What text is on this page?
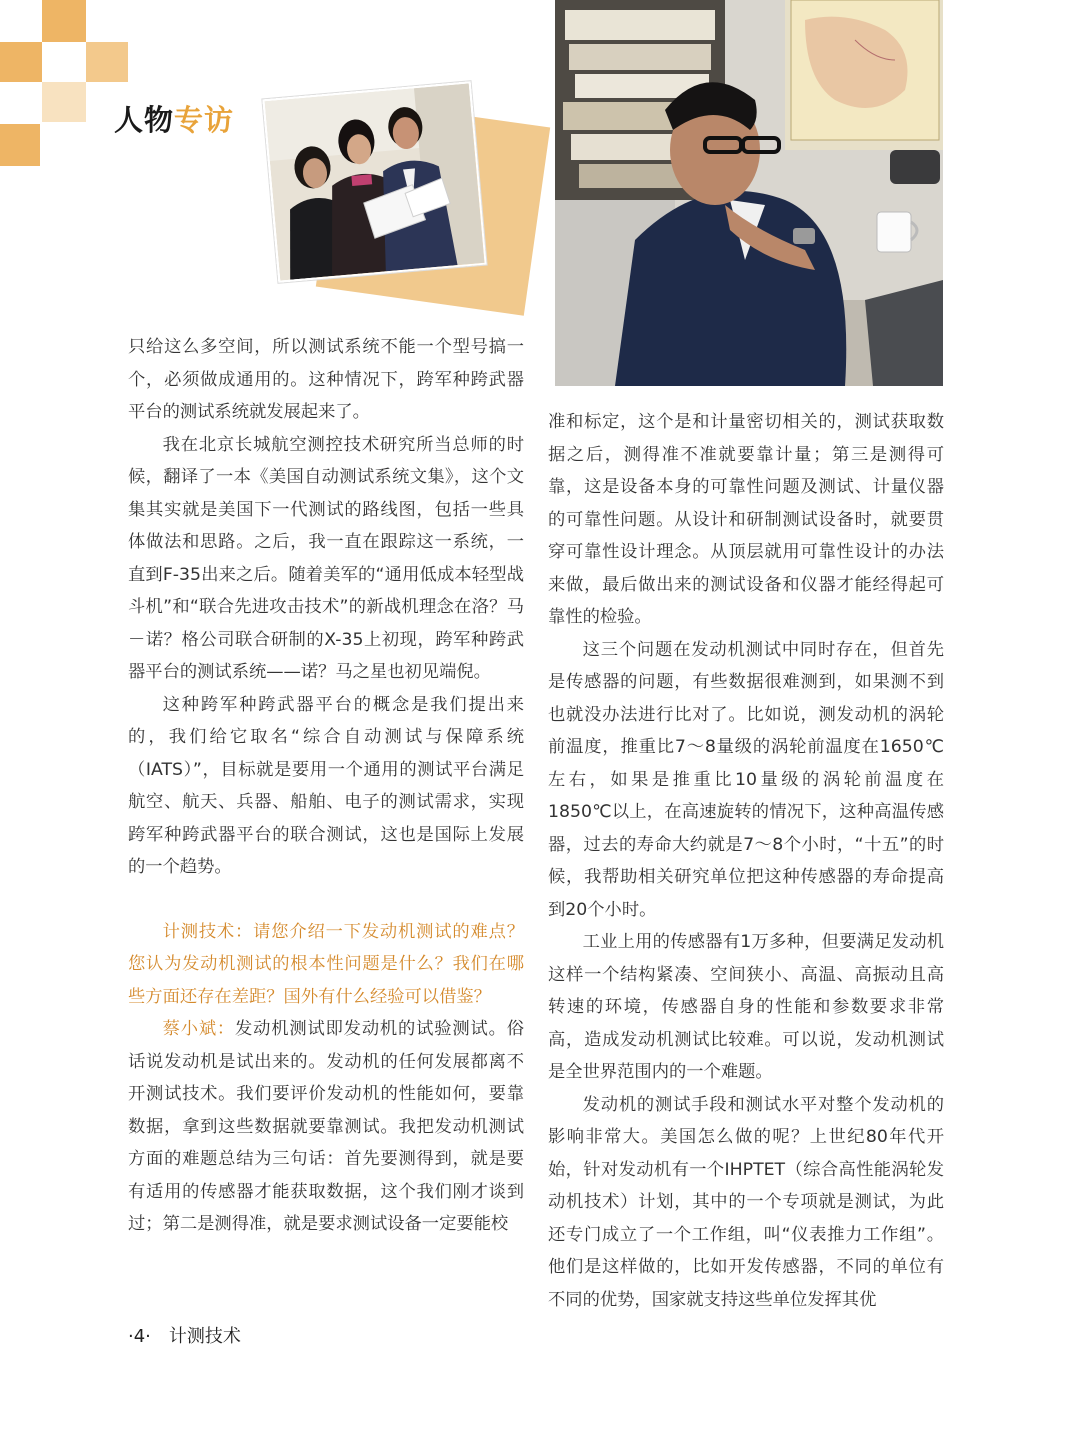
人物专访

只给这么多空间，所以测试系统不能一个型号搞一个，必须做成通用的。这种情况下，跨军种跨武器平台的测试系统就发展起来了。

我在北京长城航空测控技术研究所当总师的时候，翻译了一本《美国自动测试系统文集》，这个文集其实就是美国下一代测试的路线图，包括一些具体做法和思路。之后，我一直在跟踪这一系统，一直到F-35出来之后。随着美军的“通用低成本轻型战斗机”和“联合先进攻击技术”的新战机理念在洛？马－诺？格公司联合研制的X-35上初现，跨军种跨武器平台的测试系统——诺？马之星也初见端倪。

这种跨军种跨武器平台的概念是我们提出来的，我们给它取名“综合自动测试与保障系统（IATS）”，目标就是要用一个通用的测试平台满足航空、航天、兵器、船舶、电子的测试需求，实现跨军种跨武器平台的联合测试，这也是国际上发展的一个趋势。

计测技术：请您介绍一下发动机测试的难点？您认为发动机测试的根本性问题是什么？我们在哪些方面还存在差距？国外有什么经验可以借鉴？

蔡小斌：发动机测试即发动机的试验测试。俗话说发动机是试出来的。发动机的任何发展都离不开测试技术。我们要评价发动机的性能如何，要靠数据，拿到这些数据就要靠测试。我把发动机测试方面的难题总结为三句话：首先要测得到，就是要有适用的传感器才能获取数据，这个我们刚才谈到过；第二是测得准，就是要求测试设备一定要能校

准和标定，这个是和计量密切相关的，测试获取数据之后，测得准不准就要靠计量；第三是测得可靠，这是设备本身的可靠性问题及测试、计量仪器的可靠性问题。从设计和研制测试设备时，就要贯穿可靠性设计理念。从顶层就用可靠性设计的办法来做，最后做出来的测试设备和仪器才能经得起可靠性的检验。

这三个问题在发动机测试中同时存在，但首先是传感器的问题，有些数据很难测到，如果测不到也就没办法进行比对了。比如说，测发动机的涡轮前温度，推重比7～8量级的涡轮前温度在1650℃左右，如果是推重比10量级的涡轮前温度在1850℃以上，在高速旋转的情况下，这种高温传感器，过去的寿命大约就是7～8个小时，“十五”的时候，我帮助相关研究单位把这种传感器的寿命提高到20个小时。

工业上用的传感器有1万多种，但要满足发动机这样一个结构紧凑、空间狭小、高温、高振动且高转速的环境，传感器自身的性能和参数要求非常高，造成发动机测试比较难。可以说，发动机测试是全世界范围内的一个难题。

发动机的测试手段和测试水平对整个发动机的影响非常大。美国怎么做的呢？上世纪80年代开始，针对发动机有一个IHPTET（综合高性能涡轮发动机技术）计划，其中的一个专项就是测试，为此还专门成立了一个工作组，叫“仪表推力工作组”。他们是这样做的，比如开发传感器，不同的单位有不同的优势，国家就支持这些单位发挥其优

·4· 计测技术
